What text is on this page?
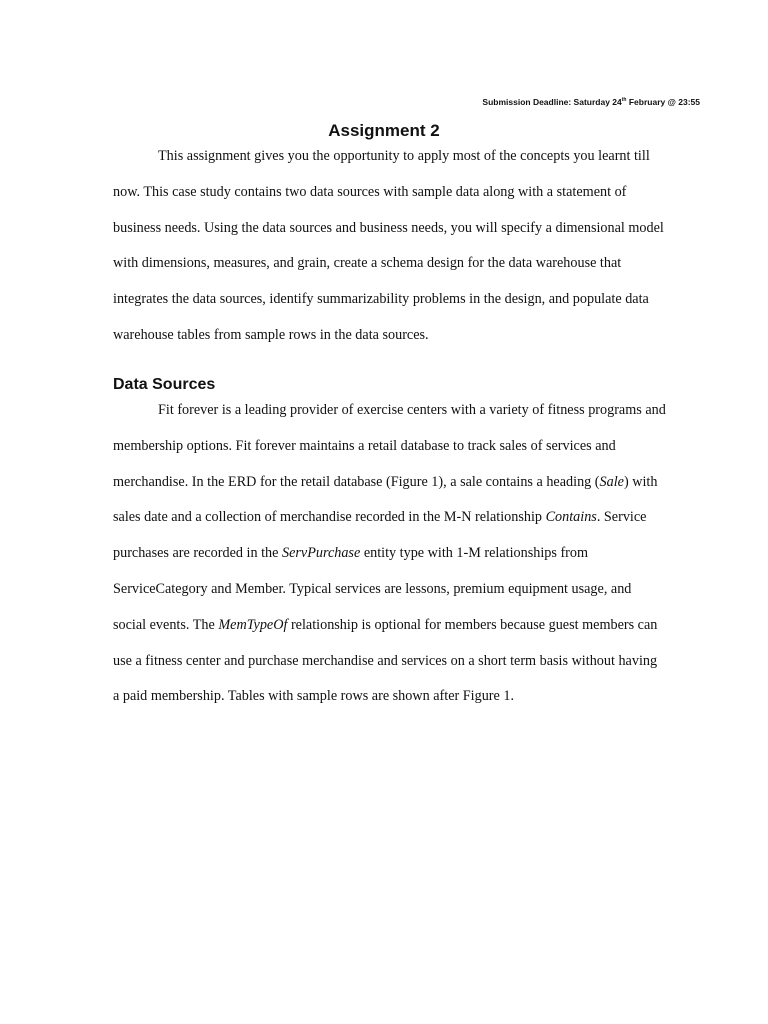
Submission Deadline: Saturday 24th February @ 23:55
Assignment 2
This assignment gives you the opportunity to apply most of the concepts you learnt till
now. This case study contains two data sources with sample data along with a statement of
business needs. Using the data sources and business needs, you will specify a dimensional model
with dimensions, measures, and grain, create a schema design for the data warehouse that
integrates the data sources, identify summarizability problems in the design, and populate data
warehouse tables from sample rows in the data sources.
Data Sources
Fit forever is a leading provider of exercise centers with a variety of fitness programs and
membership options. Fit forever maintains a retail database to track sales of services and
merchandise. In the ERD for the retail database (Figure 1), a sale contains a heading (Sale) with
sales date and a collection of merchandise recorded in the M-N relationship Contains. Service
purchases are recorded in the ServPurchase entity type with 1-M relationships from
ServiceCategory and Member. Typical services are lessons, premium equipment usage, and
social events. The MemTypeOf relationship is optional for members because guest members can
use a fitness center and purchase merchandise and services on a short term basis without having
a paid membership. Tables with sample rows are shown after Figure 1.
